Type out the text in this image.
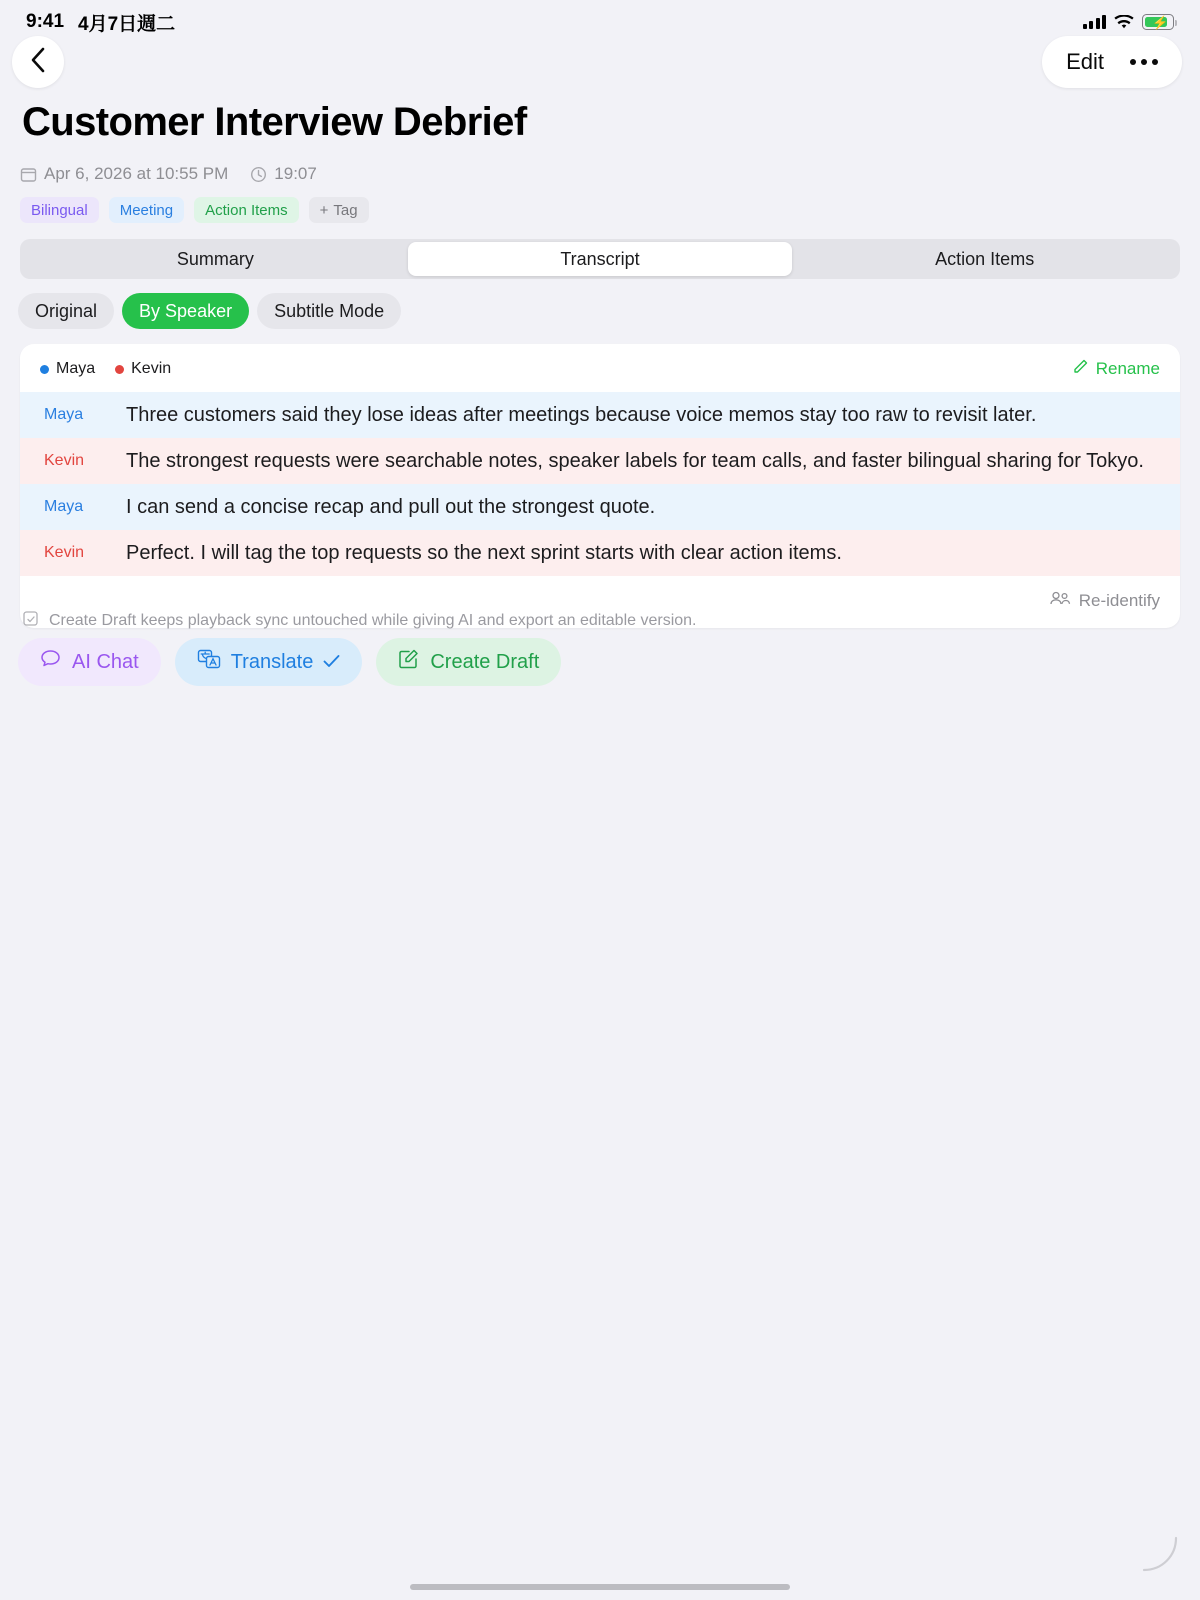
9:41 4月7日週二	⚡
Edit
Customer Interview Debrief
Apr 6, 2026 at 10:55 PM	19:07
Bilingual	Meeting	Action Items	+ Tag
Summary	Transcript	Action Items
Original	By Speaker	Subtitle Mode
Maya Kevin	Rename
Maya	Three customers said they lose ideas after meetings because voice memos stay too raw to revisit later.
Kevin	The strongest requests were searchable notes, speaker labels for team calls, and faster bilingual sharing for Tokyo.
Maya	I can send a concise recap and pull out the strongest quote.
Kevin	Perfect. I will tag the top requests so the next sprint starts with clear action items.
Re-identify
Create Draft keeps playback sync untouched while giving AI and export an editable version.
AI Chat	Translate	Create Draft
